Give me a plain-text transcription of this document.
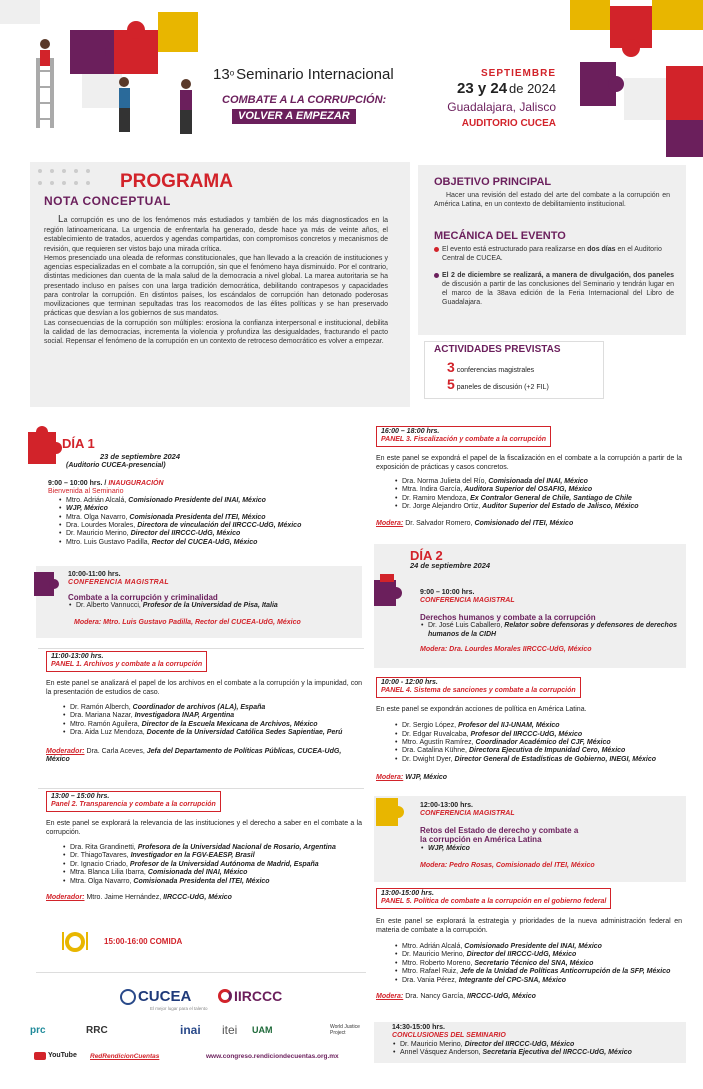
13$^o$ Seminario Internacional
COMBATE A LA CORRUPCIÓN:
VOLVER A EMPEZAR
SEPTIEMBRE
23 y 24 de 2024
Guadalajara, Jalisco
AUDITORIO CUCEA
PROGRAMA
NOTA CONCEPTUAL

La corrupción es uno de los fenómenos más estudiados y también de los más diagnosticados en la región latinoamericana. La urgencia de enfrentarla ha generado, desde hace ya más de veinte años, el establecimiento de tratados, acuerdos y agendas compartidas, con compromisos concretos y mecanismos de revisión, que requieren ser vistos bajo una mirada crítica.

Hemos presenciado una oleada de reformas constitucionales, que han llevado a la creación de instituciones y agencias especializadas en el combate a la corrupción, sin que el fenómeno haya disminuido. Por el contrario, distintas mediciones dan cuenta de la mala salud de la democracia a nivel global. La marea autoritaria se ha presentado incluso en países con una larga tradición democrática, debilitando contrapesos y capacidades para controlar la corrupción. En distintos países, los escándalos de corrupción han detonado poderosas movilizaciones que terminan sepultadas tras los reacomodos de las élites políticas y se han preservado prácticas que desvían a los gobiernos de sus mandatos.

Las consecuencias de la corrupción son múltiples: erosiona la confianza interpersonal e institucional, debilita la calidad de las democracias, incrementa la violencia y profundiza las desigualdades, fracturando el pacto social. Repensar el fenómeno de la corrupción en un contexto de retroceso democrático es volver a empezar.

OBJETIVO PRINCIPAL
Hacer una revisión del estado del arte del combate a la corrupción en América Latina, en un contexto de debilitamiento institucional.
MECÁNICA DEL EVENTO
El evento está estructurado para realizarse en dos días en el Auditorio Central de CUCEA.
El 2 de diciembre se realizará, a manera de divulgación, dos paneles de discusión a partir de las conclusiones del Seminario y tendrán lugar en el marco de la 38ava edición de la Feria Internacional del Libro de Guadalajara.
ACTIVIDADES PREVISTAS
3 conferencias magistrales
5 paneles de discusión (+2 FIL)
DÍA 1
23 de septiembre 2024
(Auditorio CUCEA-presencial)
9:00 – 10:00 hrs. / INAUGURACIÓN
Bienvenida al Seminario
• Mtro. Adrián Alcalá, Comisionado Presidente del INAI, México
• WJP, México
• Mtra. Olga Navarro, Comisionada Presidenta del ITEI, México
• Dra. Lourdes Morales, Directora de vinculación del IIRCCC-UdG, México
• Dr. Mauricio Merino, Director del IIRCCC-UdG, México
• Mtro. Luis Gustavo Padilla, Rector del CUCEA-UdG, México
10:00-11:00 hrs.
CONFERENCIA MAGISTRAL
Combate a la corrupción y criminalidad
• Dr. Alberto Vannucci, Profesor de la Universidad de Pisa, Italia
Modera: Mtro. Luis Gustavo Padilla, Rector del CUCEA-UdG, México
11:00-13:00 hrs.
PANEL 1. Archivos y combate a la corrupción

En este panel se analizará el papel de los archivos en el combate a la corrupción y la impunidad, con la presentación de estudios de caso.

• Dr. Ramón Alberch, Coordinador de archivos (ALA), España
• Dra. Mariana Nazar, Investigadora INAP, Argentina
• Mtro. Ramón Aguilera, Director de la Escuela Mexicana de Archivos, México
• Dra. Aida Luz Mendoza, Docente de la Universidad Católica Sedes Sapientiae, Perú
Moderador: Dra. Carla Aceves, Jefa del Departamento de Políticas Públicas, CUCEA-UdG, México
13:00 – 15:00 hrs.
Panel 2. Transparencia y combate a la corrupción

En este panel se explorará la relevancia de las instituciones y el derecho a saber en el combate a la corrupción.

• Dra. Rita Grandinetti, Profesora de la Universidad Nacional de Rosario, Argentina
• Dr. ThiagoTavares, Investigador en la FGV-EAESP, Brasil
• Dr. Ignacio Criado, Profesor de la Universidad Autónoma de Madrid, España
• Mtra. Blanca Lilia Ibarra, Comisionada del INAI, México
• Mtra. Olga Navarro, Comisionada Presidenta del ITEI, México
Moderador: Mtro. Jaime Hernández, IIRCCC-UdG, México
15:00-16:00 COMIDA
16:00 – 18:00 hrs.
PANEL 3. Fiscalización y combate a la corrupción

En este panel se expondrá el papel de la fiscalización en el combate a la corrupción a partir de la exposición de prácticas y casos concretos.

• Dra. Norma Julieta del Río, Comisionada del INAI, México
• Mtra. Indira García, Auditora Superior del OSAFIG, México
• Dr. Ramiro Mendoza, Ex Contralor General de Chile, Santiago de Chile
• Dr. Jorge Alejandro Ortiz, Auditor Superior del Estado de Jalisco, México
Modera: Dr. Salvador Romero, Comisionado del ITEI, México
DÍA 2
24 de septiembre 2024
9:00 – 10:00 hrs.
CONFERENCIA MAGISTRAL
Derechos humanos y combate a la corrupción
• Dr. José Luis Caballero, Relator sobre defensoras y defensores de derechos humanos de la CIDH
Modera: Dra. Lourdes Morales IIRCCC-UdG, México
10:00 - 12:00 hrs.
PANEL 4. Sistema de sanciones y combate a la corrupción

En este panel se expondrán acciones de política en América Latina.

• Dr. Sergio López, Profesor del IIJ-UNAM, México
• Dr. Edgar Ruvalcaba, Profesor del IIRCCC-UdG, México
• Mtro. Agustín Ramírez, Coordinador Académico del CJF, México
• Dra. Catalina Kühne, Directora Ejecutiva de Impunidad Cero, México
• Dr. Dwight Dyer, Director General de Estadísticas de Gobierno, INEGI, México
Modera: WJP, México
12:00-13:00 hrs.
CONFERENCIA MAGISTRAL
Retos del Estado de derecho y combate a
la corrupción en América Latina
• WJP, México
Modera: Pedro Rosas, Comisionado del ITEI, México
13:00-15:00 hrs.
PANEL 5. Política de combate a la corrupción en el gobierno federal

En este panel se explorará la estrategia y prioridades de la nueva administración federal en materia de combate a la corrupción.

• Mtro. Adrián Alcalá, Comisionado Presidente del INAI, México
• Dr. Mauricio Merino, Director del IIRCCC-UdG, México
• Mtro. Roberto Moreno, Secretario Técnico del SNA, México
• Mtro. Rafael Ruiz, Jefe de la Unidad de Políticas Anticorrupción de la SFP, México
• Dra. Vania Pérez, Integrante del CPC-SNA, México
Modera: Dra. Nancy García, IIRCCC-UdG, México
14:30-15:00 hrs.
CONCLUSIONES DEL SEMINARIO
• Dr. Mauricio Merino, Director del IIRCCC-UdG, México
• Annel Vásquez Anderson, Secretaria Ejecutiva del IIRCCC-UdG, México
CUCEA
El mejor lugar para el talento
IIRCCC
prc	RRC	inai itei UAM	World Justice Project
YouTube RedRendicionCuentas	www.congreso.rendiciondecuentas.org.mx
